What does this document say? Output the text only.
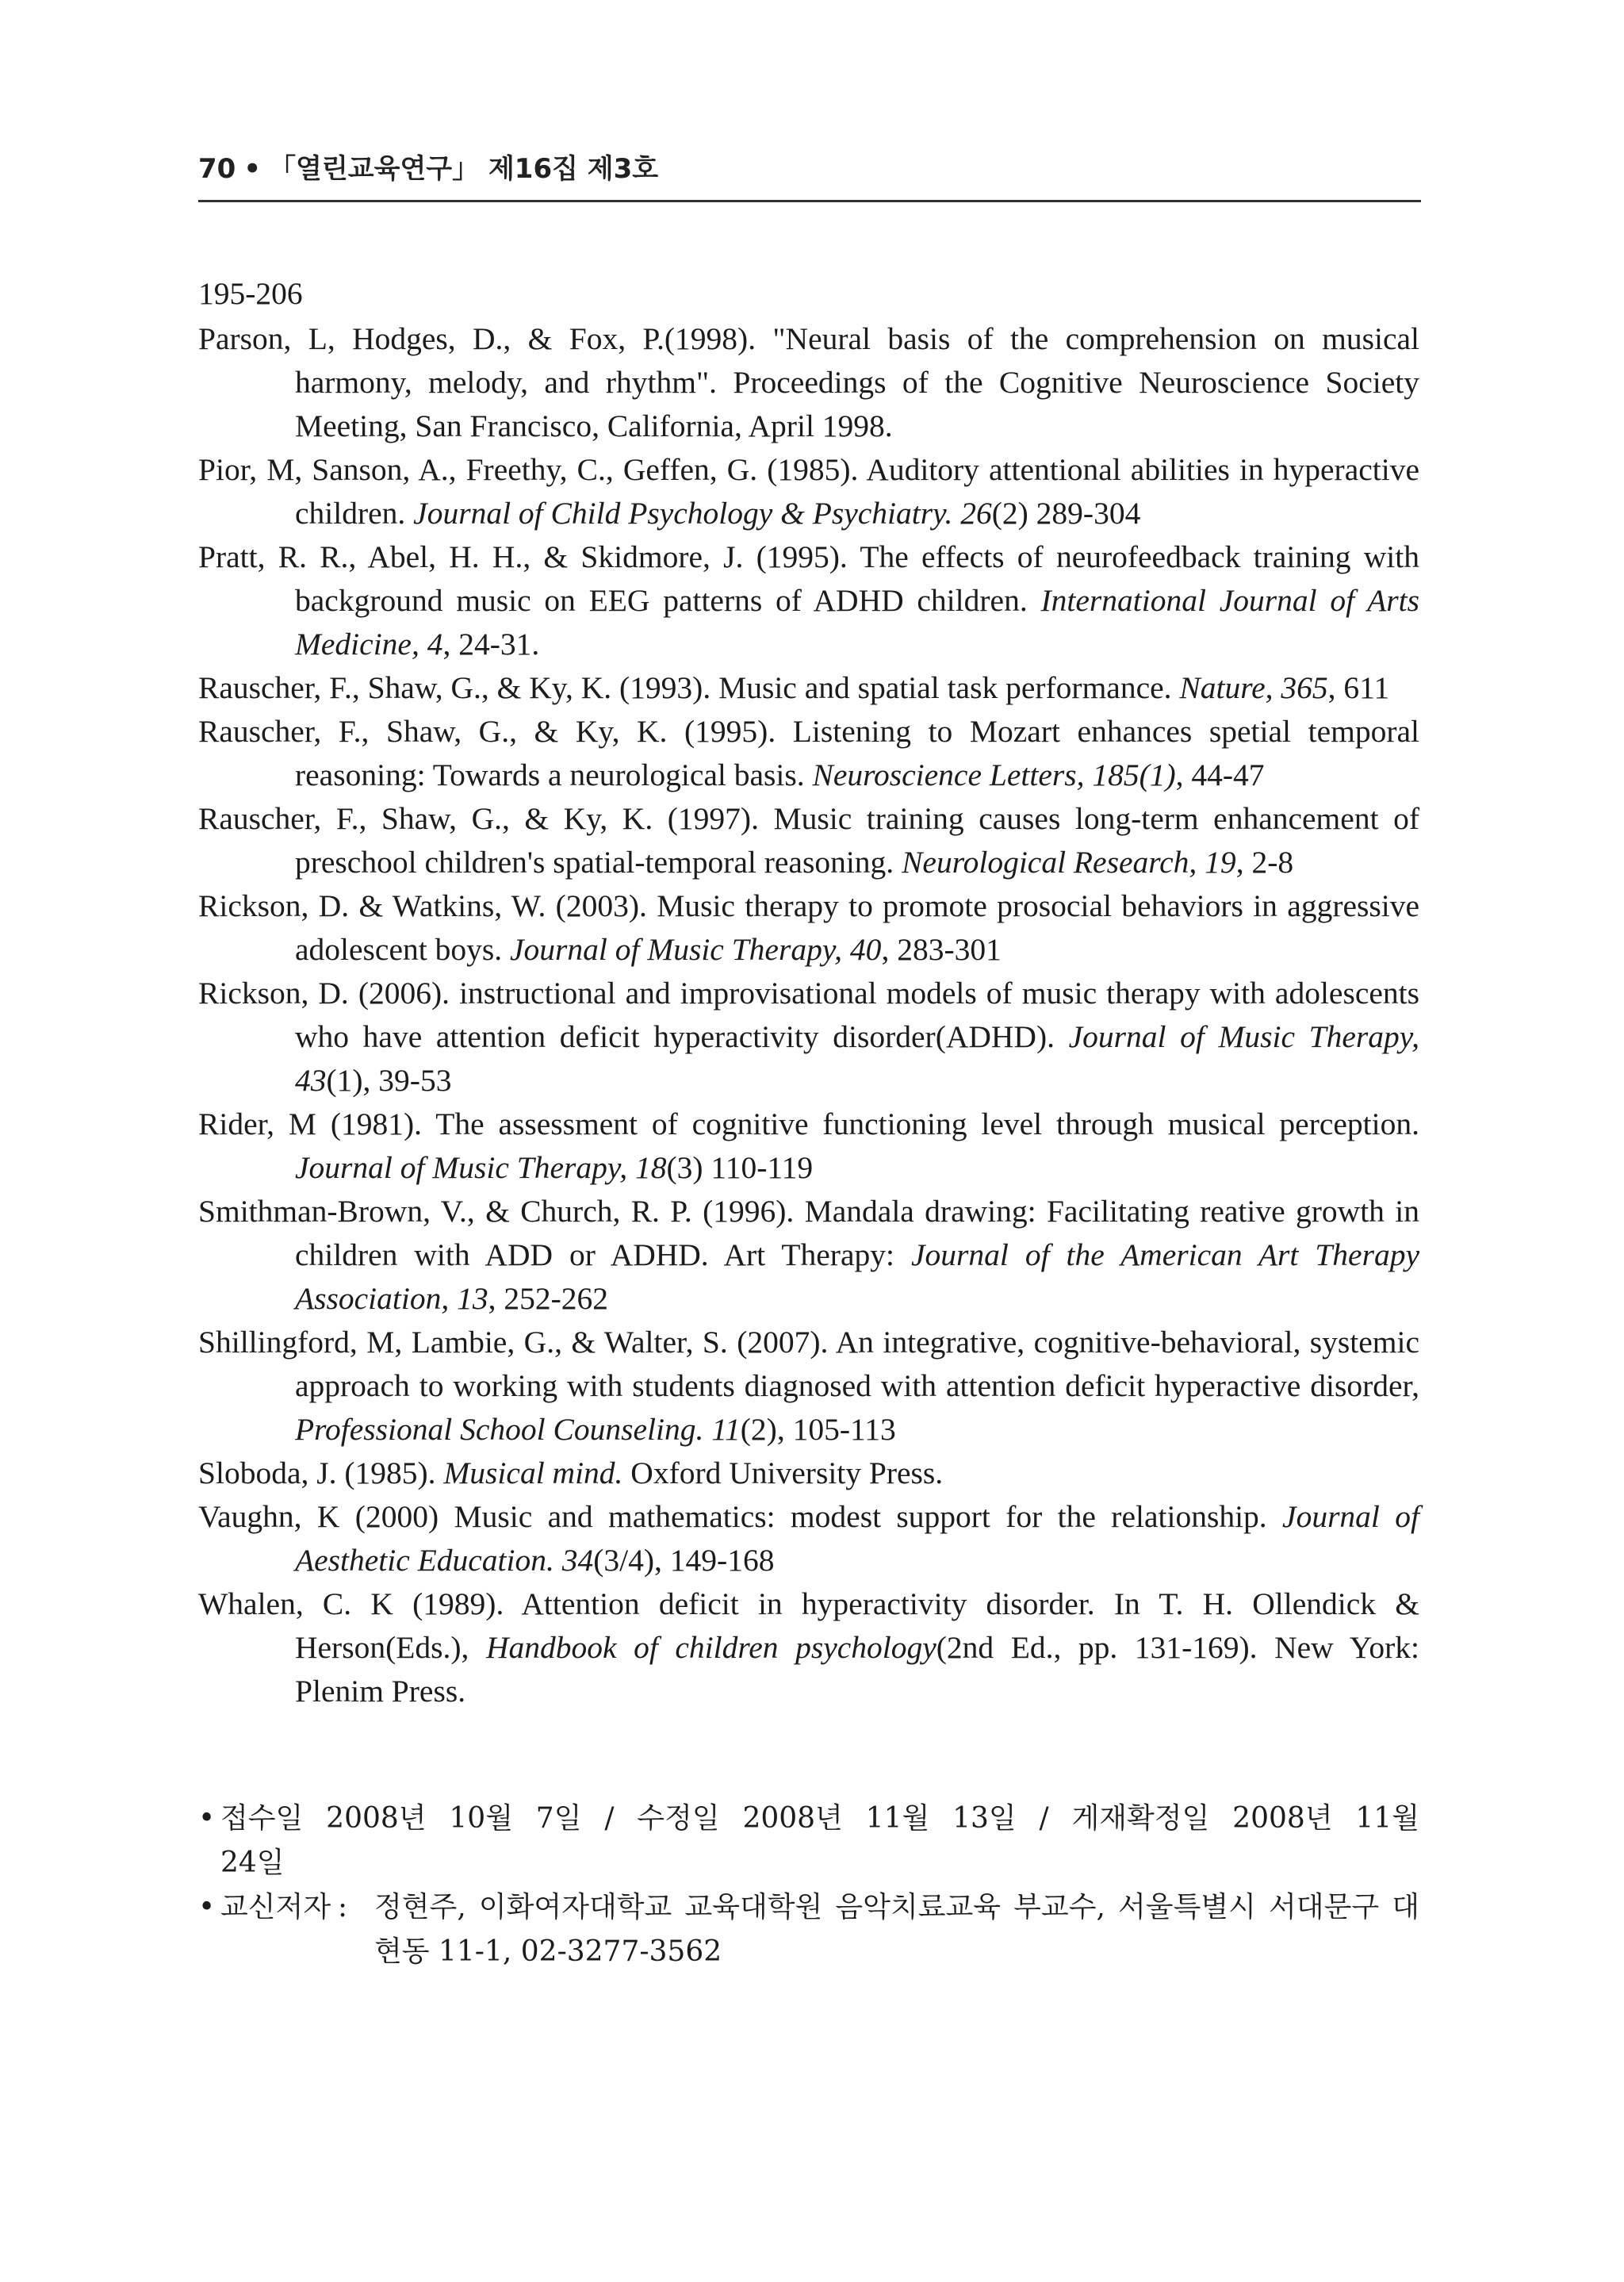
70 • 「열린교육연구」 제16집 제3호
195-206
Parson, L, Hodges, D., & Fox, P.(1998). "Neural basis of the comprehension on musical harmony, melody, and rhythm". Proceedings of the Cognitive Neuroscience Society Meeting, San Francisco, California, April 1998.
Pior, M, Sanson, A., Freethy, C., Geffen, G. (1985). Auditory attentional abilities in hyperactive children. Journal of Child Psychology & Psychiatry. 26(2) 289-304
Pratt, R. R., Abel, H. H., & Skidmore, J. (1995). The effects of neurofeedback training with background music on EEG patterns of ADHD children. International Journal of Arts Medicine, 4, 24-31.
Rauscher, F., Shaw, G., & Ky, K. (1993). Music and spatial task performance. Nature, 365, 611
Rauscher, F., Shaw, G., & Ky, K. (1995). Listening to Mozart enhances spetial temporal reasoning: Towards a neurological basis. Neuroscience Letters, 185(1), 44-47
Rauscher, F., Shaw, G., & Ky, K. (1997). Music training causes long-term enhancement of preschool children's spatial-temporal reasoning. Neurological Research, 19, 2-8
Rickson, D. & Watkins, W. (2003). Music therapy to promote prosocial behaviors in aggressive adolescent boys. Journal of Music Therapy, 40, 283-301
Rickson, D. (2006). instructional and improvisational models of music therapy with adolescents who have attention deficit hyperactivity disorder(ADHD). Journal of Music Therapy, 43(1), 39-53
Rider, M (1981). The assessment of cognitive functioning level through musical perception. Journal of Music Therapy, 18(3) 110-119
Smithman-Brown, V., & Church, R. P. (1996). Mandala drawing: Facilitating reative growth in children with ADD or ADHD. Art Therapy: Journal of the American Art Therapy Association, 13, 252-262
Shillingford, M, Lambie, G., & Walter, S. (2007). An integrative, cognitive-behavioral, systemic approach to working with students diagnosed with attention deficit hyperactive disorder, Professional School Counseling. 11(2), 105-113
Sloboda, J. (1985). Musical mind. Oxford University Press.
Vaughn, K (2000) Music and mathematics: modest support for the relationship. Journal of Aesthetic Education. 34(3/4), 149-168
Whalen, C. K (1989). Attention deficit in hyperactivity disorder. In T. H. Ollendick & Herson(Eds.), Handbook of children psychology(2nd Ed., pp. 131-169). New York: Plenim Press.
• 접수일 2008년 10월 7일 / 수정일 2008년 11월 13일 / 게재확정일 2008년 11월 24일
• 교신저자 : 정현주, 이화여자대학교 교육대학원 음악치료교육 부교수, 서울특별시 서대문구 대현동 11-1, 02-3277-3562
